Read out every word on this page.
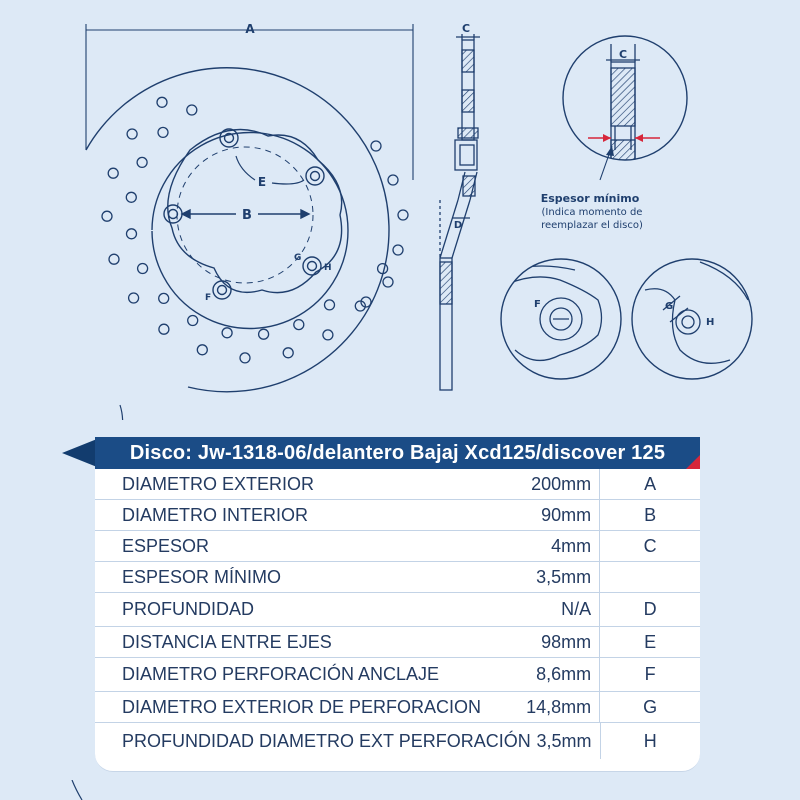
A
B
E
F
G
H
C
D
C
Espesor mínimo
(Indica momento de
reemplazar el disco)
F	G
H
Disco: Jw-1318-06/delantero Bajaj Xcd125/discover 125
DIAMETRO EXTERIOR	200mm	A
DIAMETRO INTERIOR	90mm	B
ESPESOR	4mm	C
ESPESOR MÍNIMO	3,5mm
PROFUNDIDAD	N/A	D
DISTANCIA ENTRE EJES	98mm	E
DIAMETRO PERFORACIÓN ANCLAJE	8,6mm	F
DIAMETRO EXTERIOR DE PERFORACION	14,8mm	G
PROFUNDIDAD DIAMETRO EXT PERFORACIÓN 3,5mm	H
